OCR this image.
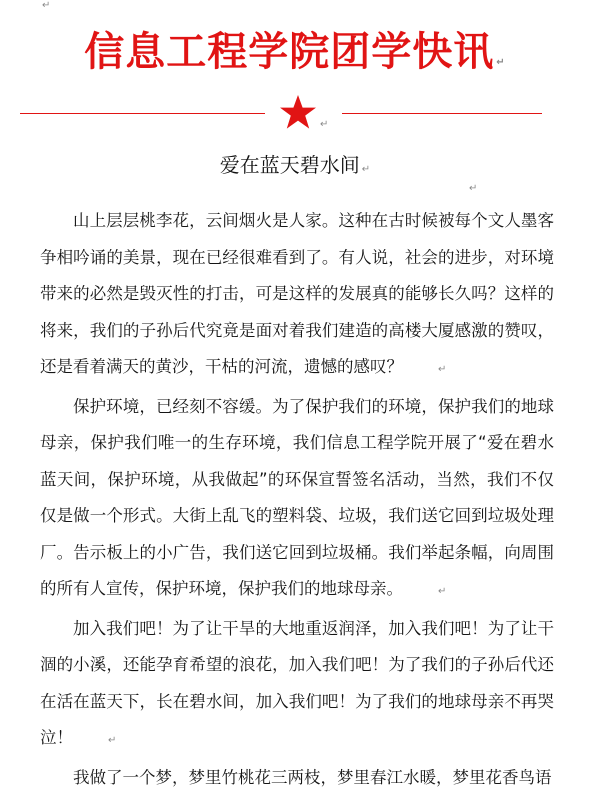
↵
信息工程学院团学快讯 ↵
↵
爱在蓝天碧水间 ↵
↵

山上层层桃李花，云间烟火是人家。这种在古时候被每个文人墨客争相吟诵的美景，现在已经很难看到了。有人说，社会的进步，对环境带来的必然是毁灭性的打击，可是这样的发展真的能够长久吗？这样的将来，我们的子孙后代究竟是面对着我们建造的高楼大厦感激的赞叹，还是看着满天的黄沙，干枯的河流，遗憾的感叹？	↵

保护环境，已经刻不容缓。为了保护我们的环境，保护我们的地球母亲，保护我们唯一的生存环境，我们信息工程学院开展了“爱在碧水蓝天间，保护环境，从我做起”的环保宣誓签名活动，当然，我们不仅仅是做一个形式。大街上乱飞的塑料袋、垃圾，我们送它回到垃圾处理厂。告示板上的小广告，我们送它回到垃圾桶。我们举起条幅，向周围的所有人宣传，保护环境，保护我们的地球母亲。	↵

加入我们吧！为了让干旱的大地重返润泽，加入我们吧！为了让干涸的小溪，还能孕育希望的浪花，加入我们吧！为了我们的子孙后代还在活在蓝天下，长在碧水间，加入我们吧！为了我们的地球母亲不再哭泣！	↵

我做了一个梦，梦里竹桃花三两枝，梦里春江水暖，梦里花香鸟语
